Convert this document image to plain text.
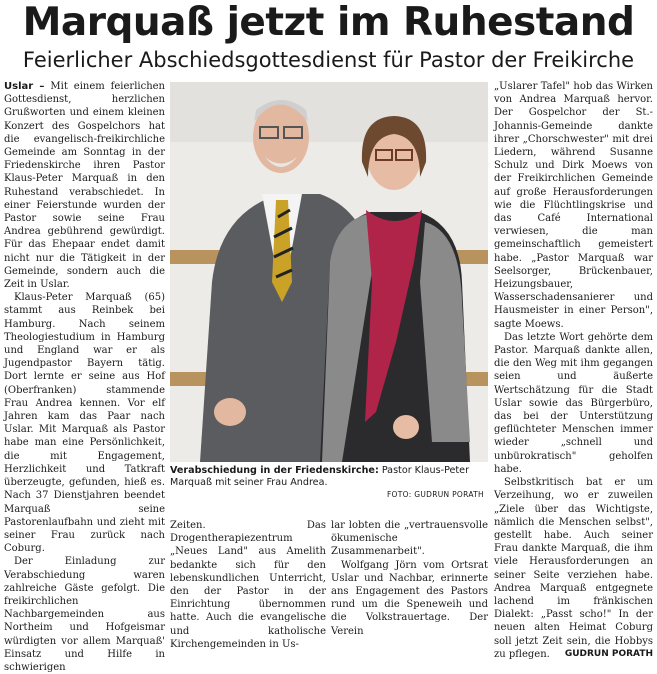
Marquaß jetzt im Ruhestand
Feierlicher Abschiedsgottesdienst für Pastor der Freikirche

Uslar – Mit einem feierlichen Gottesdienst, herzlichen Grußworten und einem kleinen Konzert des Gospelchors hat die evangelisch-freikirchliche Gemeinde am Sonntag in der Friedenskirche ihren Pastor Klaus-Peter Marquaß in den Ruhestand verabschiedet. In einer Feierstunde wurden der Pastor sowie seine Frau Andrea gebührend gewürdigt. Für das Ehepaar endet damit nicht nur die Tätigkeit in der Gemeinde, sondern auch die Zeit in Uslar.

Klaus-Peter Marquaß (65) stammt aus Reinbek bei Hamburg. Nach seinem Theologiestudium in Hamburg und England war er als Jugendpastor Bayern tätig. Dort lernte er seine aus Hof (Oberfranken) stammende Frau Andrea kennen. Vor elf Jahren kam das Paar nach Uslar. Mit Marquaß als Pastor habe man eine Persönlichkeit, die mit Engagement, Herzlichkeit und Tatkraft überzeugte, gefunden, hieß es. Nach 37 Dienstjahren beendet Marquaß seine Pastorenlaufbahn und zieht mit seiner Frau zurück nach Coburg.

Der Einladung zur Verabschiedung waren zahlreiche Gäste gefolgt. Die freikirchlichen Nachbargemeinden aus Northeim und Hofgeismar würdigten vor allem Marquaß' Einsatz und Hilfe in schwierigen

Verabschiedung in der Friedenskirche: Pastor Klaus-Peter Marquaß mit seiner Frau Andrea.
FOTO: GUDRUN PORATH

Zeiten. Das Drogentherapiezentrum „Neues Land" aus Amelith bedankte sich für den lebenskundlichen Unterricht, den der Pastor in der Einrichtung übernommen hatte. Auch die evangelische und katholische Kirchengemeinden in Us-

lar lobten die „vertrauensvolle ökumenische Zusammenarbeit".

Wolfgang Jörn vom Ortsrat Uslar und Nachbar, erinnerte ans Engagement des Pastors rund um die Speneweih und die Volkstrauertage. Der Verein

„Uslarer Tafel" hob das Wirken von Andrea Marquaß hervor. Der Gospelchor der St.-Johannis-Gemeinde dankte ihrer „Chorschwester" mit drei Liedern, während Susanne Schulz und Dirk Moews von der Freikirchlichen Gemeinde auf große Herausforderungen wie die Flüchtlingskrise und das Café International verwiesen, die man gemeinschaftlich gemeistert habe. „Pastor Marquaß war Seelsorger, Brückenbauer, Heizungsbauer, Wasserschadensanierer und Hausmeister in einer Person", sagte Moews.

Das letzte Wort gehörte dem Pastor. Marquaß dankte allen, die den Weg mit ihm gegangen seien und äußerte Wertschätzung für die Stadt Uslar sowie das Bürgerbüro, das bei der Unterstützung geflüchteter Menschen immer wieder „schnell und unbürokratisch" geholfen habe.

Selbstkritisch bat er um Verzeihung, wo er zuweilen „Ziele über das Wichtigste, nämlich die Menschen selbst", gestellt habe. Auch seiner Frau dankte Marquaß, die ihm viele Herausforderungen an seiner Seite verziehen habe. Andrea Marquaß entgegnete lachend im fränkischen Dialekt: „Passt scho!" In der neuen alten Heimat Coburg soll jetzt Zeit sein, die Hobbys zu pflegen.	GUDRUN PORATH
